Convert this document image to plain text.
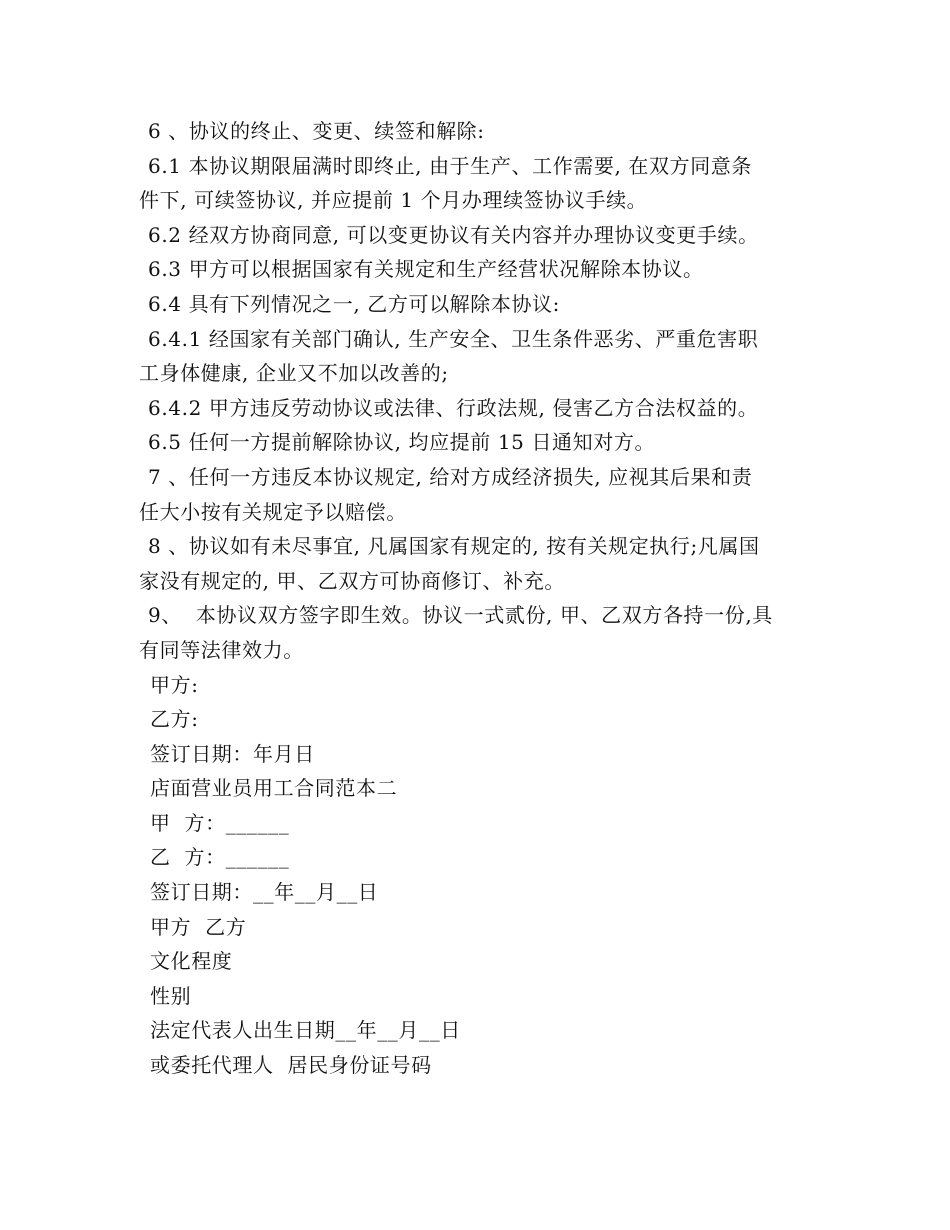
6 、协议的终止、变更、续签和解除:
6.1 本协议期限届满时即终止, 由于生产、工作需要, 在双方同意条
件下, 可续签协议, 并应提前 1 个月办理续签协议手续。
6.2 经双方协商同意, 可以变更协议有关内容并办理协议变更手续。
6.3 甲方可以根据国家有关规定和生产经营状况解除本协议。
6.4 具有下列情况之一, 乙方可以解除本协议:
6.4.1 经国家有关部门确认, 生产安全、卫生条件恶劣、严重危害职
工身体健康, 企业又不加以改善的;
6.4.2 甲方违反劳动协议或法律、行政法规, 侵害乙方合法权益的。
6.5 任何一方提前解除协议, 均应提前 15 日通知对方。
7 、任何一方违反本协议规定, 给对方成经济损失, 应视其后果和责
任大小按有关规定予以赔偿。
8 、协议如有未尽事宜, 凡属国家有规定的, 按有关规定执行;凡属国
家没有规定的, 甲、乙双方可协商修订、补充。
9、  本协议双方签字即生效。协议一式贰份, 甲、乙双方各持一份,具
有同等法律效力。
甲方:
乙方:
签订日期：年月日
店面营业员用工合同范本二
甲  方：______
乙  方：______
签订日期：__年__月__日
甲方  乙方
文化程度
性别
法定代表人出生日期__年__月__日
或委托代理人  居民身份证号码
